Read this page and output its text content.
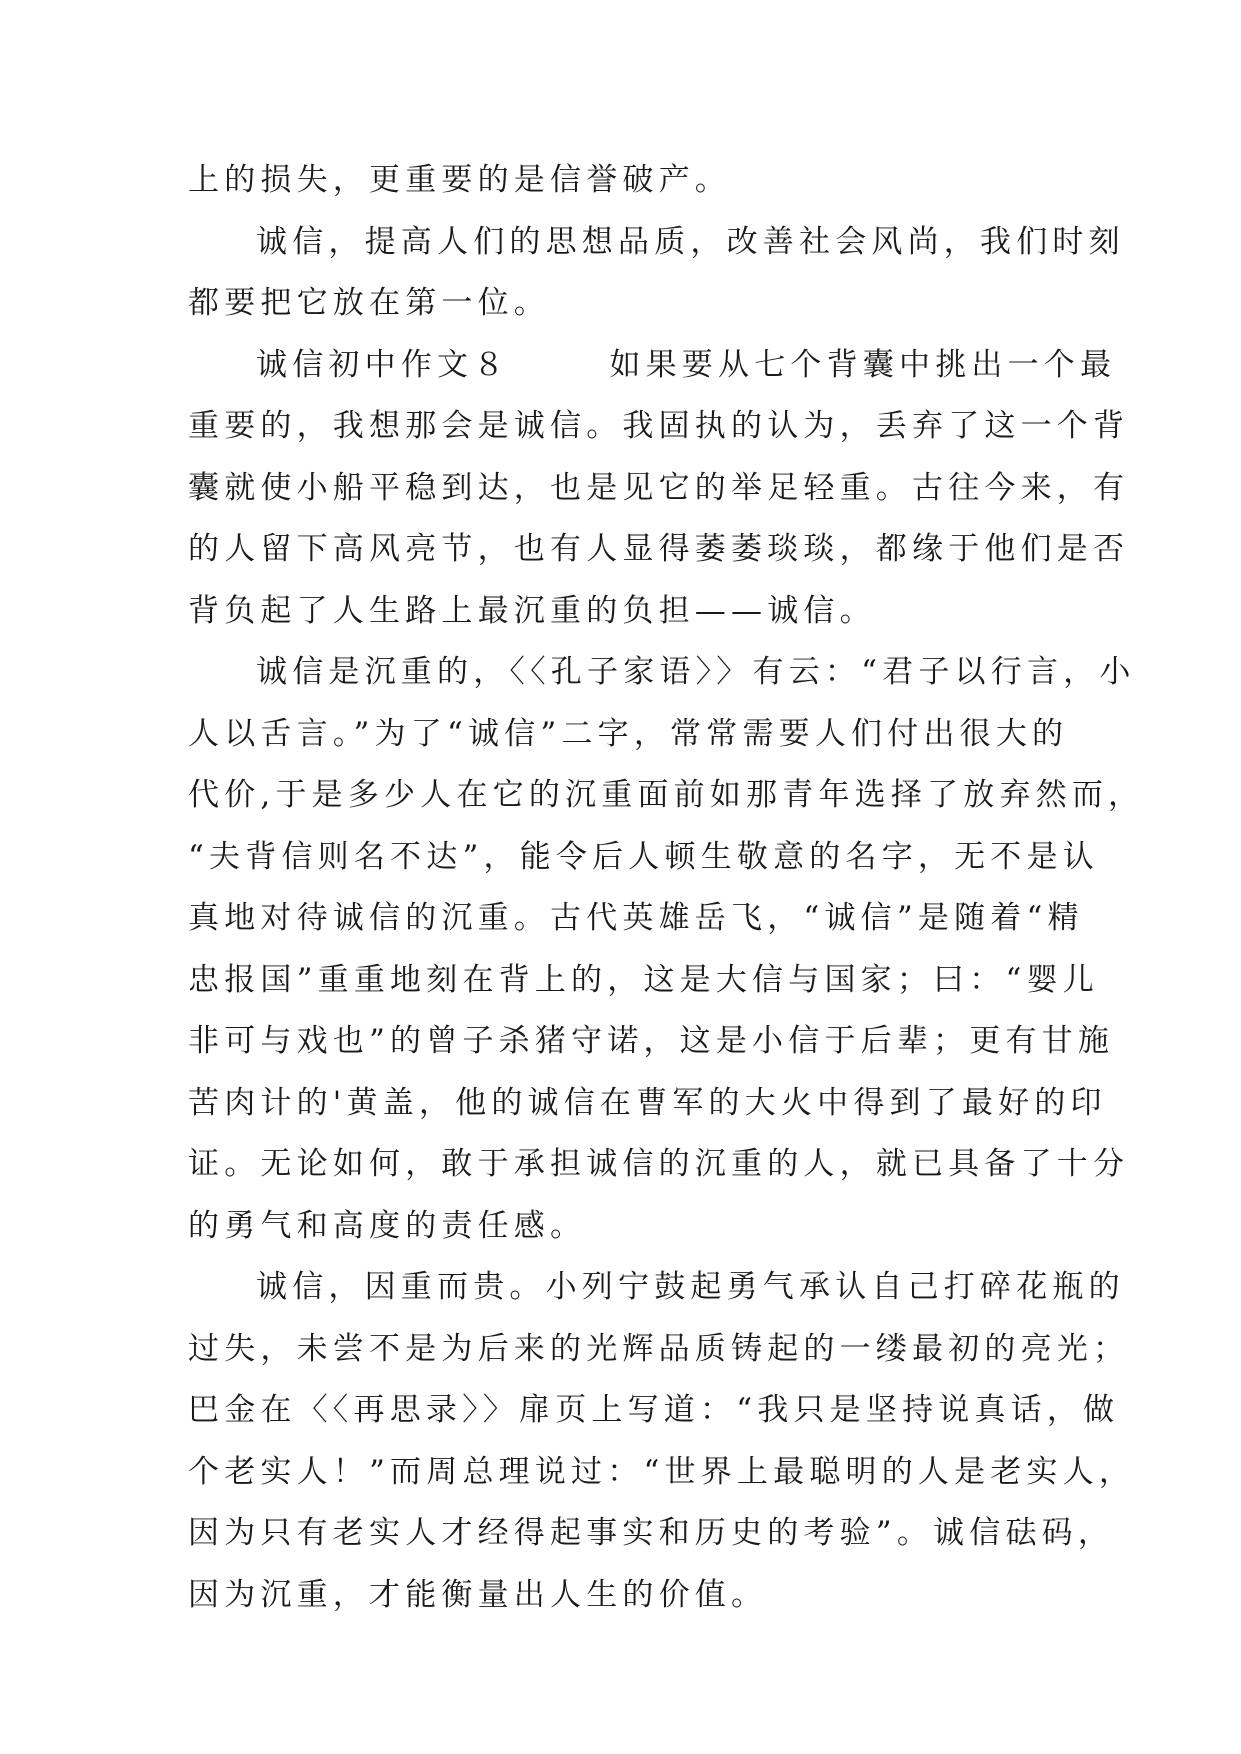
上的损失，更重要的是信誉破产。
诚信，提高人们的思想品质，改善社会风尚，我们时刻
都要把它放在第一位。
诚信初中作文８	如果要从七个背囊中挑出一个最
重要的，我想那会是诚信。我固执的认为，丢弃了这一个背
囊就使小船平稳到达，也是见它的举足轻重。古往今来，有
的人留下高风亮节，也有人显得萎萎琰琰，都缘于他们是否
背负起了人生路上最沉重的负担——诚信。
诚信是沉重的，〈〈孔子家语〉〉有云：“君子以行言，小
人以舌言。”为了“诚信”二字，常常需要人们付出很大的
代价,于是多少人在它的沉重面前如那青年选择了放弃然而，
“夫背信则名不达”，能令后人顿生敬意的名字，无不是认
真地对待诚信的沉重。古代英雄岳飞，“诚信”是随着“精
忠报国”重重地刻在背上的，这是大信与国家；曰：“婴儿
非可与戏也”的曾子杀猪守诺，这是小信于后辈；更有甘施
苦肉计的'黄盖，他的诚信在曹军的大火中得到了最好的印
证。无论如何，敢于承担诚信的沉重的人，就已具备了十分
的勇气和高度的责任感。
诚信，因重而贵。小列宁鼓起勇气承认自己打碎花瓶的
过失，未尝不是为后来的光辉品质铸起的一缕最初的亮光；
巴金在〈〈再思录〉〉扉页上写道：“我只是坚持说真话，做
个老实人！”而周总理说过：“世界上最聪明的人是老实人，
因为只有老实人才经得起事实和历史的考验”。诚信砝码，
因为沉重，才能衡量出人生的价值。
